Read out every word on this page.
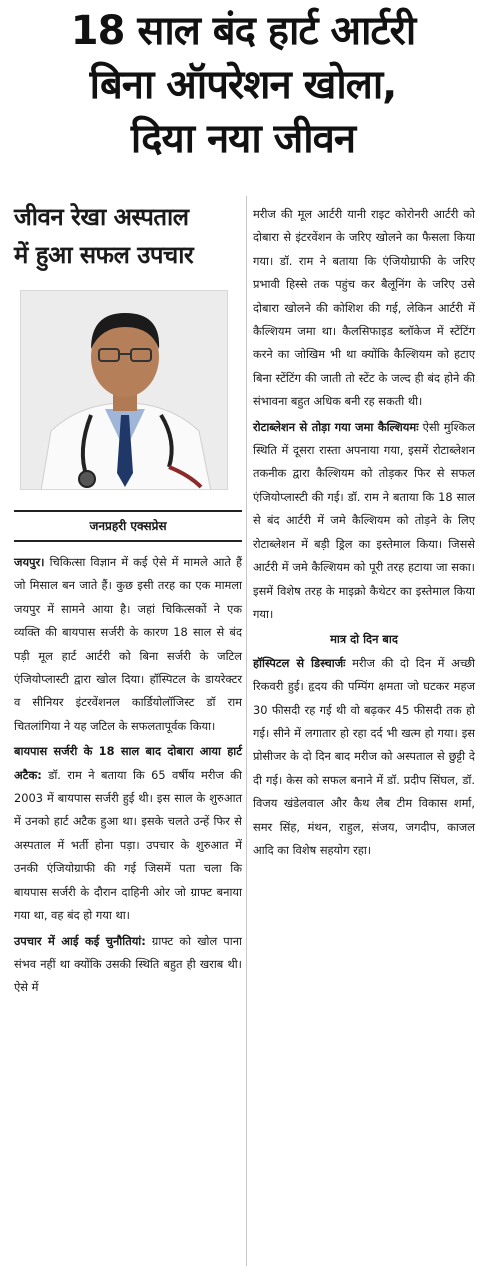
18 साल बंद हार्ट आर्टरी
बिना ऑपरेशन खोला,
दिया नया जीवन
जीवन रेखा अस्पताल
में हुआ सफल उपचार
जनप्रहरी एक्सप्रेस

जयपुर। चिकित्सा विज्ञान में कई ऐसे में मामले आते हैं जो मिसाल बन जाते हैं। कुछ इसी तरह का एक मामला जयपुर में सामने आया है। जहां चिकित्सकों ने एक व्यक्ति की बायपास सर्जरी के कारण 18 साल से बंद पड़ी मूल हार्ट आर्टरी को बिना सर्जरी के जटिल एंजियोप्लास्टी द्वारा खोल दिया। हॉस्पिटल के डायरेक्टर व सीनियर इंटरवेंशनल कार्डियोलॉजिस्ट डॉ राम चितलांगिया ने यह जटिल के सफलतापूर्वक किया।

बायपास सर्जरी के 18 साल बाद दोबारा आया हार्ट अटैक: डॉ. राम ने बताया कि 65 वर्षीय मरीज की 2003 में बायपास सर्जरी हुई थी। इस साल के शुरुआत में उनको हार्ट अटैक हुआ था। इसके चलते उन्हें फिर से अस्पताल में भर्ती होना पड़ा। उपचार के शुरुआत में उनकी एंजियोग्राफी की गई जिसमें पता चला कि बायपास सर्जरी के दौरान दाहिनी ओर जो ग्राफ्ट बनाया गया था, वह बंद हो गया था।

उपचार में आई कई चुनौतियां: ग्राफ्ट को खोल पाना संभव नहीं था क्योंकि उसकी स्थिति बहुत ही खराब थी। ऐसे में

मरीज की मूल आर्टरी यानी राइट कोरोनरी आर्टरी को दोबारा से इंटरवेंशन के जरिए खोलने का फैसला किया गया। डॉ. राम ने बताया कि एंजियोग्राफी के जरिए प्रभावी हिस्से तक पहुंच कर बैलूनिंग के जरिए उसे दोबारा खोलने की कोशिश की गई, लेकिन आर्टरी में कैल्शियम जमा था। कैलसिफाइड ब्लॉकेज में स्टेंटिंग करने का जोखिम भी था क्योंकि कैल्शियम को हटाए बिना स्टेंटिंग की जाती तो स्टेंट के जल्द ही बंद होने की संभावना बहुत अधिक बनी रह सकती थी।

रोटाब्लेशन से तोड़ा गया जमा कैल्शियमः ऐसी मुश्किल स्थिति में दूसरा रास्ता अपनाया गया, इसमें रोटाब्लेशन तकनीक द्वारा कैल्शियम को तोड़कर फिर से सफल एंजियोप्लास्टी की गई। डॉ. राम ने बताया कि 18 साल से बंद आर्टरी में जमे कैल्शियम को तोड़ने के लिए रोटाब्लेशन में बड़ी ड्रिल का इस्तेमाल किया। जिससे आर्टरी में जमे कैल्शियम को पूरी तरह हटाया जा सका। इसमें विशेष तरह के माइक्रो कैथेटर का इस्तेमाल किया गया।

मात्र दो दिन बाद
हॉस्पिटल से डिस्चार्जः मरीज की दो दिन में अच्छी रिकवरी हुई। हृदय की पम्पिंग क्षमता जो घटकर महज 30 फीसदी रह गई थी वो बढ़कर 45 फीसदी तक हो गई। सीने में लगातार हो रहा दर्द भी खत्म हो गया। इस प्रोसीजर के दो दिन बाद मरीज को अस्पताल से छुट्टी दे दी गई। केस को सफल बनाने में डॉ. प्रदीप सिंघल, डॉ. विजय खंडेलवाल और कैथ लैब टीम विकास शर्मा, समर सिंह, मंथन, राहुल, संजय, जगदीप, काजल आदि का विशेष सहयोग रहा।
